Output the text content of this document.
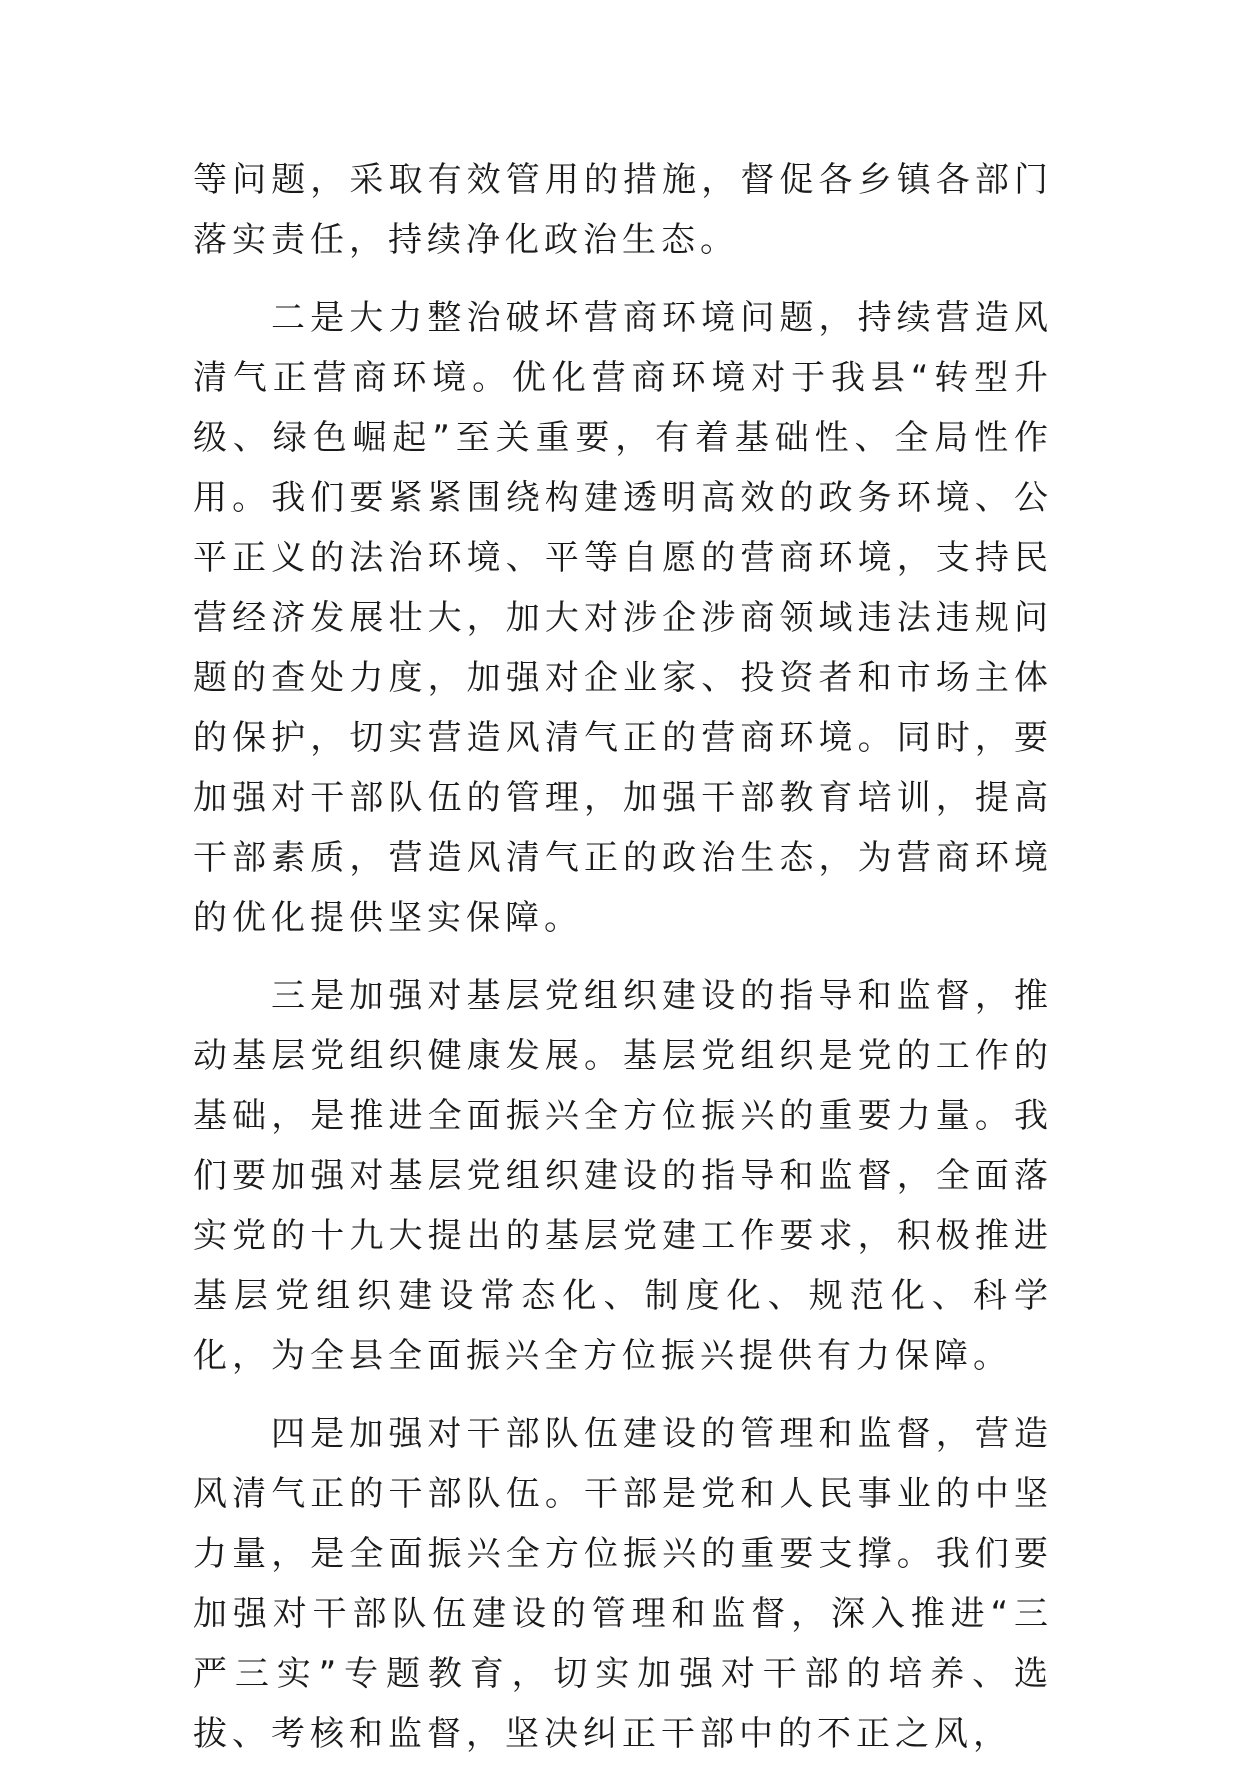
等问题，采取有效管用的措施，督促各乡镇各部门落实责任，持续净化政治生态。

二是大力整治破坏营商环境问题，持续营造风清气正营商环境。优化营商环境对于我县“转型升级、绿色崛起”至关重要，有着基础性、全局性作用。我们要紧紧围绕构建透明高效的政务环境、公平正义的法治环境、平等自愿的营商环境，支持民营经济发展壮大，加大对涉企涉商领域违法违规问题的查处力度，加强对企业家、投资者和市场主体的保护，切实营造风清气正的营商环境。同时，要加强对干部队伍的管理，加强干部教育培训，提高干部素质，营造风清气正的政治生态，为营商环境的优化提供坚实保障。

三是加强对基层党组织建设的指导和监督，推动基层党组织健康发展。基层党组织是党的工作的基础，是推进全面振兴全方位振兴的重要力量。我们要加强对基层党组织建设的指导和监督，全面落实党的十九大提出的基层党建工作要求，积极推进基层党组织建设常态化、制度化、规范化、科学化，为全县全面振兴全方位振兴提供有力保障。

四是加强对干部队伍建设的管理和监督，营造风清气正的干部队伍。干部是党和人民事业的中坚力量，是全面振兴全方位振兴的重要支撑。我们要加强对干部队伍建设的管理和监督，深入推进“三严三实”专题教育，切实加强对干部的培养、选拔、考核和监督，坚决纠正干部中的不正之风，
